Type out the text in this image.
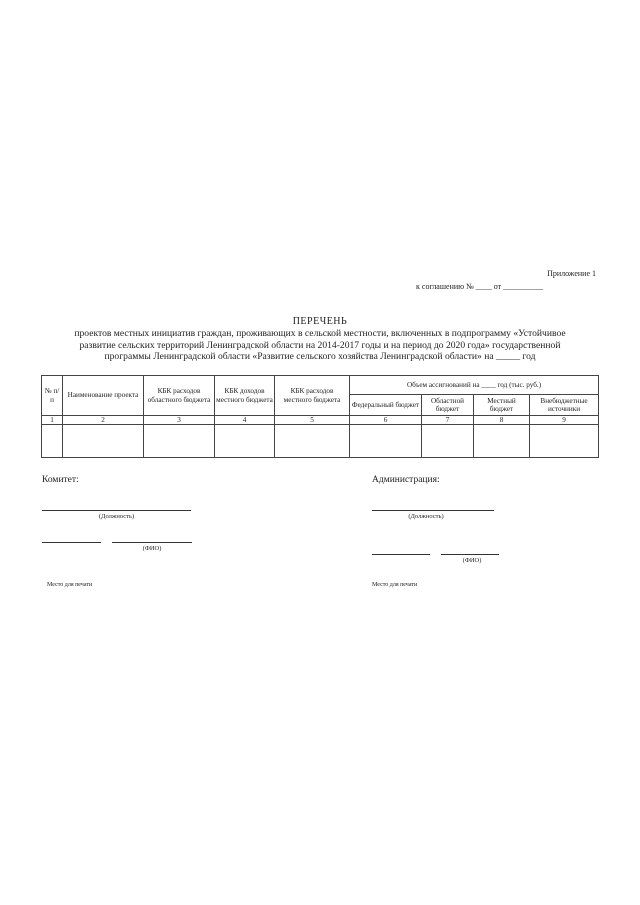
Приложение 1
к соглашению № ____ от __________
ПЕРЕЧЕНЬ
проектов местных инициатив граждан, проживающих в сельской местности, включенных в подпрограмму «Устойчивое
развитие сельских территорий Ленинградской области на 2014-2017 годы и на период до 2020 года» государственной
программы Ленинградской области «Развитие сельского хозяйства Ленинградской области» на _____ год
№ п/п	Наименование проекта	КБК расходов областного бюджета	КБК доходов местного бюджета	КБК расходов местного бюджета	Объем ассигнований на ____ год (тыс. руб.)			
					Федеральный бюджет	Областной бюджет	Местный бюджет	Внебюджетные источники
1	2	3	4	5	6	7	8	9

Комитет:
(Должность)
(ФИО)
Место для печати
Администрация:
(Должность)
(ФИО)
Место для печати
